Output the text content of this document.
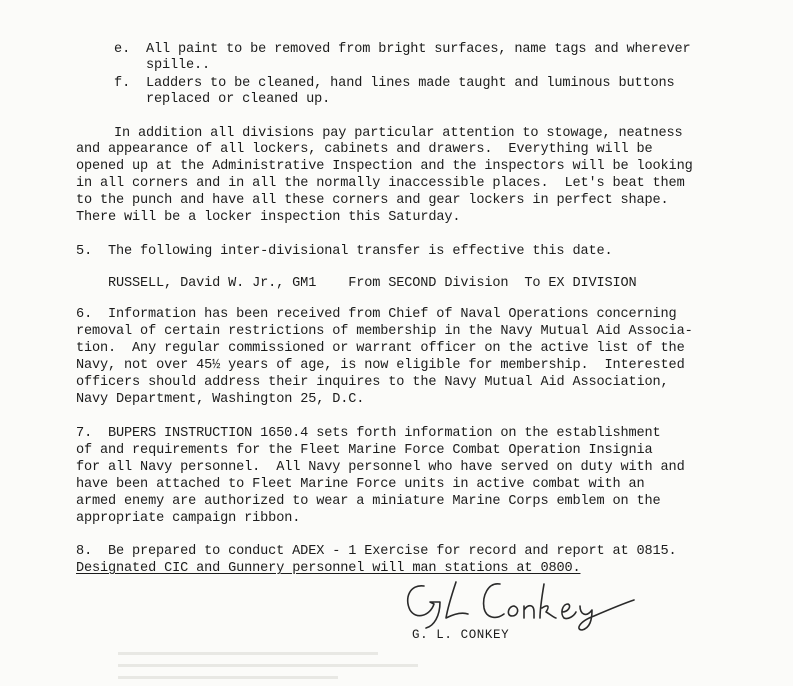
e. All paint to be removed from bright surfaces, name tags and wherever
spille..
f. Ladders to be cleaned, hand lines made taught and luminous buttons
replaced or cleaned up.
In addition all divisions pay particular attention to stowage, neatness
and appearance of all lockers, cabinets and drawers.  Everything will be
opened up at the Administrative Inspection and the inspectors will be looking
in all corners and in all the normally inaccessible places.  Let's beat them
to the punch and have all these corners and gear lockers in perfect shape.
There will be a locker inspection this Saturday.
5. The following inter-divisional transfer is effective this date.
RUSSELL, David W. Jr., GM1    From SECOND Division  To EX DIVISION
6. Information has been received from Chief of Naval Operations concerning
removal of certain restrictions of membership in the Navy Mutual Aid Associa-
tion.  Any regular commissioned or warrant officer on the active list of the
Navy, not over 45½ years of age, is now eligible for membership.  Interested
officers should address their inquires to the Navy Mutual Aid Association,
Navy Department, Washington 25, D.C.
7. BUPERS INSTRUCTION 1650.4 sets forth information on the establishment
of and requirements for the Fleet Marine Force Combat Operation Insignia
for all Navy personnel.  All Navy personnel who have served on duty with and
have been attached to Fleet Marine Force units in active combat with an
armed enemy are authorized to wear a miniature Marine Corps emblem on the
appropriate campaign ribbon.
8. Be prepared to conduct ADEX - 1 Exercise for record and report at 0815.
Designated CIC and Gunnery personnel will man stations at 0800.
G. L. CONKEY
